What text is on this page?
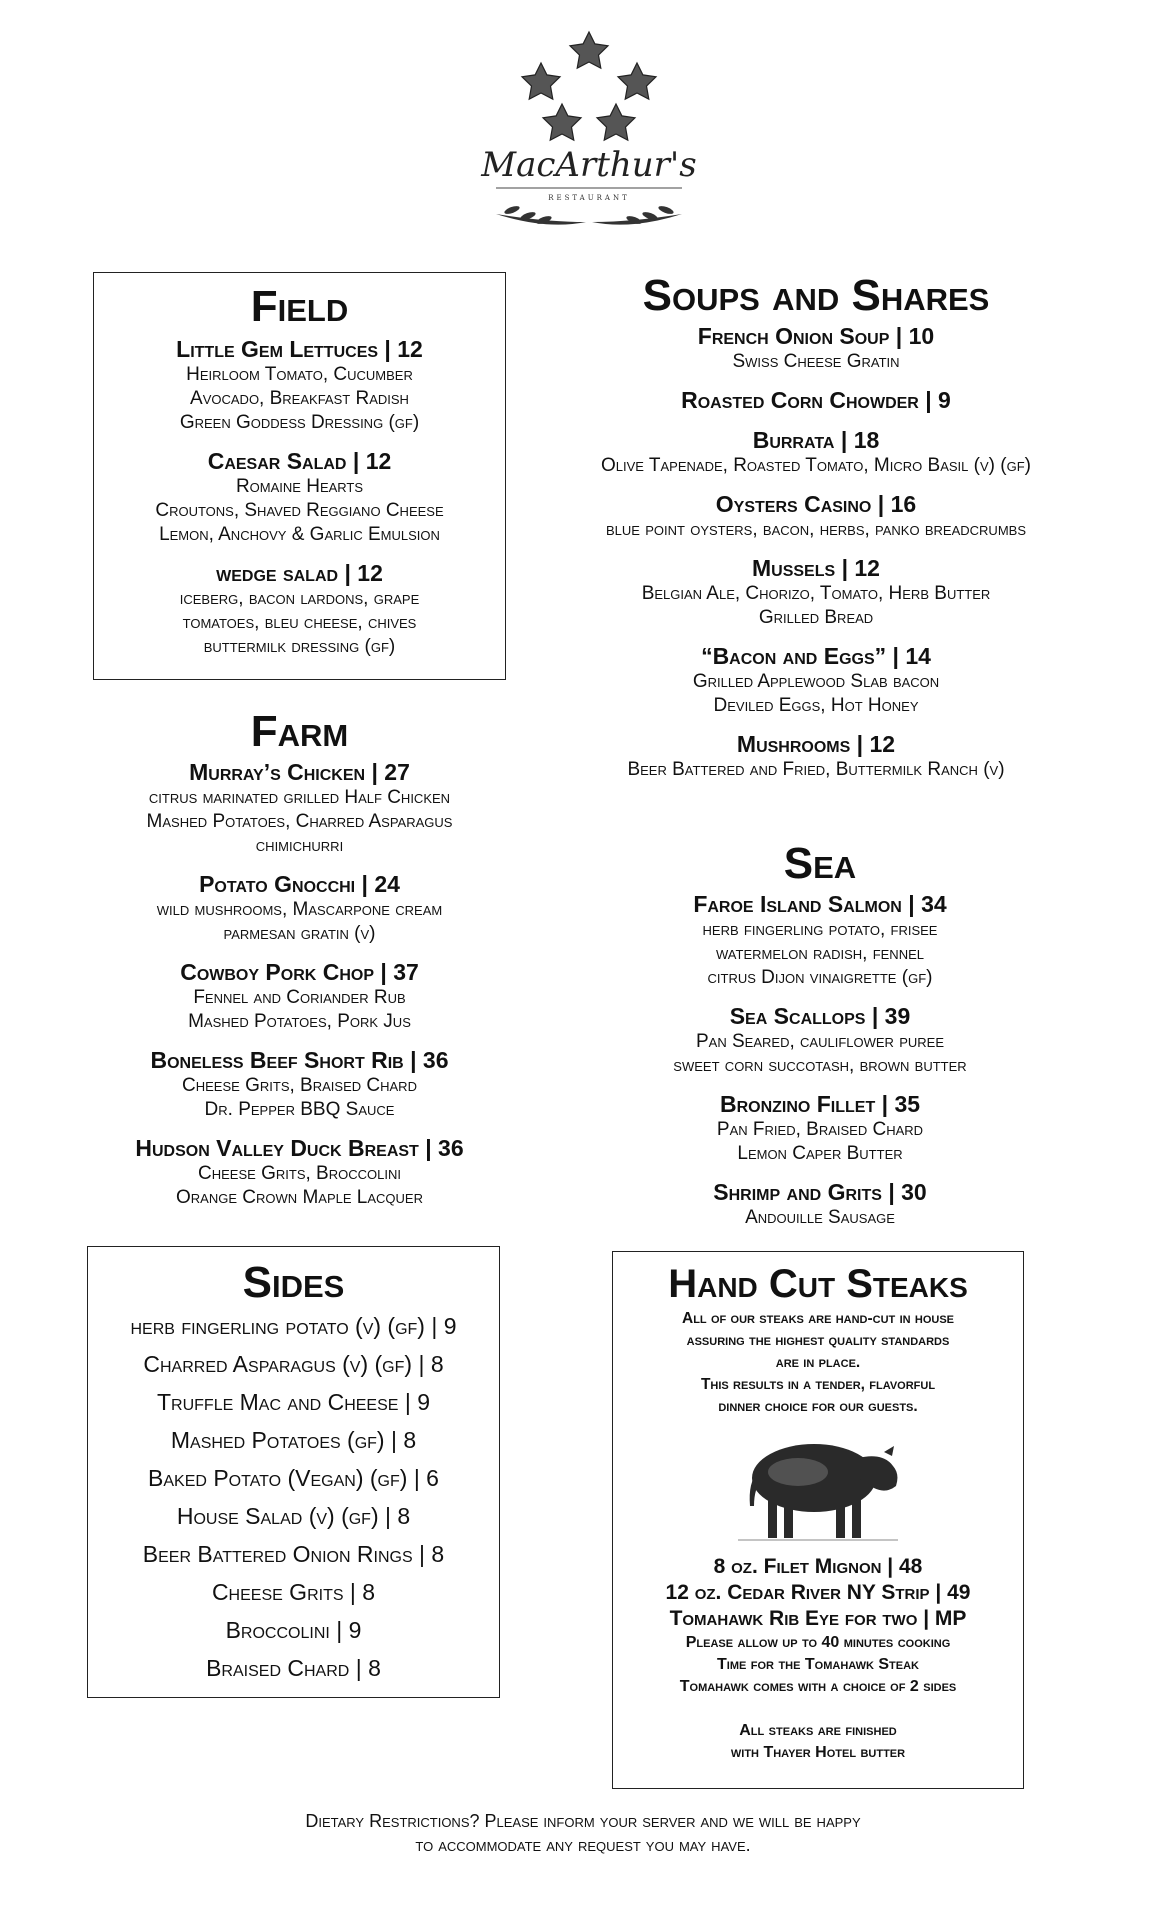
MacArthur's
RESTAURANT
Field
Little Gem Lettuces | 12
Heirloom Tomato, Cucumber
Avocado, Breakfast Radish
Green Goddess Dressing (gf)
Caesar Salad | 12
Romaine Hearts
Croutons, Shaved Reggiano Cheese
Lemon, Anchovy & Garlic Emulsion
wedge salad | 12
iceberg, bacon lardons, grape
tomatoes, bleu cheese, chives
buttermilk dressing (gf)
Farm
Murray’s Chicken | 27
citrus marinated grilled Half Chicken
Mashed Potatoes, Charred Asparagus
chimichurri
Potato Gnocchi | 24
wild mushrooms, Mascarpone cream
parmesan gratin (v)
Cowboy Pork Chop | 37
Fennel and Coriander Rub
Mashed Potatoes, Pork Jus
Boneless Beef Short Rib | 36
Cheese Grits, Braised Chard
Dr. Pepper BBQ Sauce
Hudson Valley Duck Breast | 36
Cheese Grits, Broccolini
Orange Crown Maple Lacquer
Sides
herb fingerling potato (v) (gf) | 9
Charred Asparagus (v) (gf) | 8
Truffle Mac and Cheese | 9
Mashed Potatoes (gf) | 8
Baked Potato (Vegan) (gf) | 6
House Salad (v) (gf) | 8
Beer Battered Onion Rings | 8
Cheese Grits | 8
Broccolini | 9
Braised Chard | 8
Soups and Shares
French Onion Soup | 10
Swiss Cheese Gratin
Roasted Corn Chowder | 9
Burrata | 18
Olive Tapenade, Roasted Tomato, Micro Basil (v) (gf)
Oysters Casino | 16
blue point oysters, bacon, herbs, panko breadcrumbs
Mussels | 12
Belgian Ale, Chorizo, Tomato, Herb Butter
Grilled Bread
“Bacon and Eggs” | 14
Grilled Applewood Slab bacon
Deviled Eggs, Hot Honey
Mushrooms | 12
Beer Battered and Fried, Buttermilk Ranch (v)
Sea
Faroe Island Salmon | 34
herb fingerling potato, frisee
watermelon radish, fennel
citrus Dijon vinaigrette (gf)
Sea Scallops | 39
Pan Seared, cauliflower puree
sweet corn succotash, brown butter
Bronzino Fillet | 35
Pan Fried, Braised Chard
Lemon Caper Butter
Shrimp and Grits | 30
Andouille Sausage
Hand Cut Steaks
All of our steaks are hand-cut in house
assuring the highest quality standards
are in place.
This results in a tender, flavorful
dinner choice for our guests.
8 oz. Filet Mignon | 48
12 oz. Cedar River NY Strip | 49
Tomahawk Rib Eye for two | MP
Please allow up to 40 minutes cooking
Time for the Tomahawk Steak
Tomahawk comes with a choice of 2 sides
All steaks are finished
with Thayer Hotel butter
Dietary Restrictions? Please inform your server and we will be happy
to accommodate any request you may have.
